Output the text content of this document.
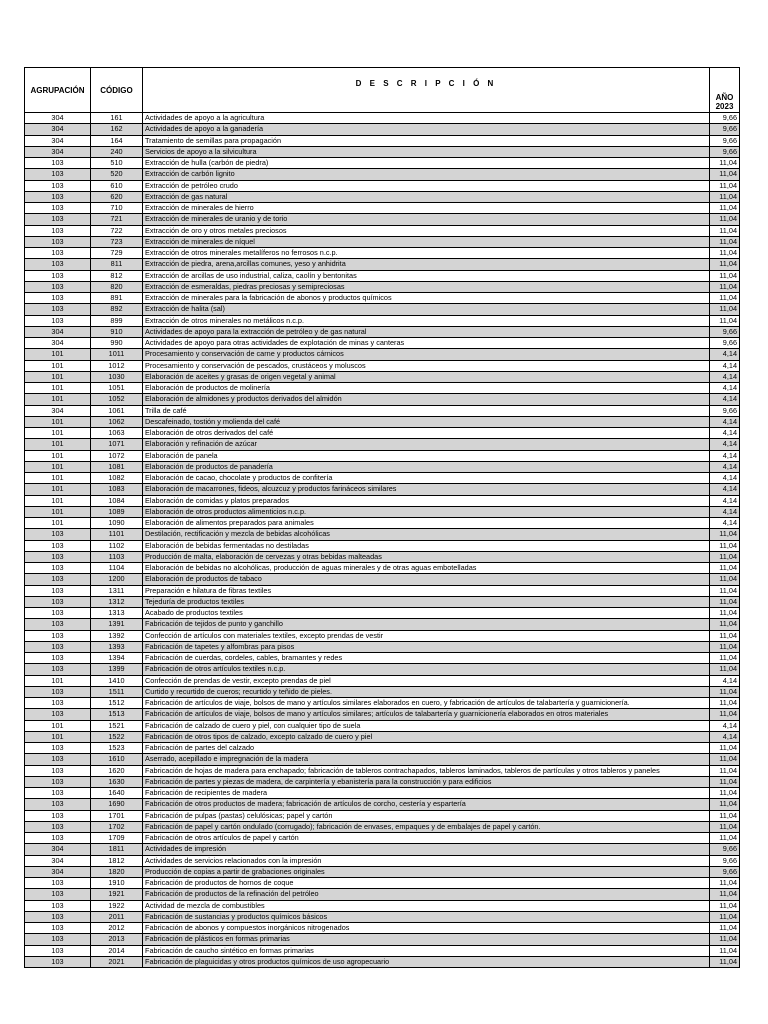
AGRUPACIÓN	CÓDIGO	D E S C R I P C I Ó N	AÑO
2023

304	161	Actividades de apoyo a la agricultura	9,66
304	162	Actividades de apoyo a la ganadería	9,66
304	164	Tratamiento de semillas para propagación	9,66
304	240	Servicios de apoyo a la silvicultura	9,66
103	510	Extracción de hulla (carbón de piedra)	11,04
103	520	Extracción de carbón lignito	11,04
103	610	Extracción de petróleo crudo	11,04
103	620	Extracción de gas natural	11,04
103	710	Extracción de minerales de hierro	11,04
103	721	Extracción de minerales de uranio y de torio	11,04
103	722	Extracción de oro y otros metales preciosos	11,04
103	723	Extracción de minerales de níquel	11,04
103	729	Extracción de otros minerales metalíferos no ferrosos n.c.p.	11,04
103	811	Extracción de piedra, arena,arcillas comunes, yeso y anhidrita	11,04
103	812	Extracción de arcillas de uso industrial, caliza, caolín y bentonitas	11,04
103	820	Extracción de esmeraldas, piedras preciosas y semipreciosas	11,04
103	891	Extracción de minerales para la fabricación de abonos y productos químicos	11,04
103	892	Extracción de halita (sal)	11,04
103	899	Extracción de otros minerales no metálicos n.c.p.	11,04
304	910	Actividades de apoyo para la extracción de petróleo y de gas natural	9,66
304	990	Actividades de apoyo para otras actividades de explotación de minas y canteras	9,66
101	1011	Procesamiento y conservación de carne y productos cárnicos	4,14
101	1012	Procesamiento y conservación de pescados, crustáceos y moluscos	4,14
101	1030	Elaboración de aceites y grasas de origen vegetal y animal	4,14
101	1051	Elaboración de productos de molinería	4,14
101	1052	Elaboración de almidones y productos derivados del almidón	4,14
304	1061	Trilla de café	9,66
101	1062	Descafeinado, tostión y molienda del café	4,14
101	1063	Elaboración de otros derivados del café	4,14
101	1071	Elaboración y refinación de azúcar	4,14
101	1072	Elaboración de panela	4,14
101	1081	Elaboración de productos de panadería	4,14
101	1082	Elaboración de cacao, chocolate y productos de confitería	4,14
101	1083	Elaboración de macarrones, fideos, alcuzcuz y productos farináceos similares	4,14
101	1084	Elaboración de comidas y platos preparados	4,14
101	1089	Elaboración de otros productos alimenticios n.c.p.	4,14
101	1090	Elaboración de alimentos preparados para animales	4,14
103	1101	Destilación, rectificación y mezcla de bebidas alcohólicas	11,04
103	1102	Elaboración de bebidas fermentadas no destiladas	11,04
103	1103	Producción de malta, elaboración de cervezas y otras bebidas malteadas	11,04
103	1104	Elaboración de bebidas no alcohólicas, producción de aguas minerales y de otras aguas embotelladas	11,04
103	1200	Elaboración de productos de tabaco	11,04
103	1311	Preparación e hilatura de fibras textiles	11,04
103	1312	Tejeduría de productos textiles	11,04
103	1313	Acabado de productos textiles	11,04
103	1391	Fabricación de tejidos de punto y ganchillo	11,04
103	1392	Confección de artículos con materiales textiles, excepto prendas de vestir	11,04
103	1393	Fabricación de tapetes y alfombras para pisos	11,04
103	1394	Fabricación de cuerdas, cordeles, cables, bramantes y redes	11,04
103	1399	Fabricación de otros artículos textiles n.c.p.	11,04
101	1410	Confección de prendas de vestir, excepto prendas de piel	4,14
103	1511	Curtido y recurtido de cueros; recurtido y teñido de pieles.	11,04
103	1512	Fabricación de artículos de viaje, bolsos de mano y artículos similares elaborados en cuero, y fabricación de artículos de talabartería y guarnicionería.	11,04
103	1513	Fabricación de artículos de viaje, bolsos de mano y artículos similares; artículos de talabartería y guarnicionería elaborados en otros materiales	11,04
101	1521	Fabricación de calzado de cuero y piel, con cualquier tipo de suela	4,14
101	1522	Fabricación de otros tipos de calzado, excepto calzado de cuero y piel	4,14
103	1523	Fabricación de partes del calzado	11,04
103	1610	Aserrado, acepillado e impregnación de la madera	11,04
103	1620	Fabricación de hojas de madera para enchapado; fabricación de tableros contrachapados, tableros laminados, tableros de partículas y otros tableros y paneles	11,04
103	1630	Fabricación de partes y piezas de madera, de carpintería y ebanistería para la construcción y para edificios	11,04
103	1640	Fabricación de recipientes de madera	11,04
103	1690	Fabricación de otros productos de madera; fabricación de artículos de corcho, cestería y espartería	11,04
103	1701	Fabricación de pulpas (pastas) celulósicas; papel y cartón	11,04
103	1702	Fabricación de papel y cartón ondulado (corrugado); fabricación de envases, empaques y de embalajes de papel y cartón.	11,04
103	1709	Fabricación de otros artículos de papel y cartón	11,04
304	1811	Actividades de impresión	9,66
304	1812	Actividades de servicios relacionados con la impresión	9,66
304	1820	Producción de copias a partir de grabaciones originales	9,66
103	1910	Fabricación de productos de hornos de coque	11,04
103	1921	Fabricación de productos de la refinación del petróleo	11,04
103	1922	Actividad de mezcla de combustibles	11,04
103	2011	Fabricación de sustancias y productos químicos básicos	11,04
103	2012	Fabricación de abonos y compuestos inorgánicos nitrogenados	11,04
103	2013	Fabricación de plásticos en formas primarias	11,04
103	2014	Fabricación de caucho sintético en formas primarias	11,04
103	2021	Fabricación de plaguicidas y otros productos químicos de uso agropecuario	11,04
